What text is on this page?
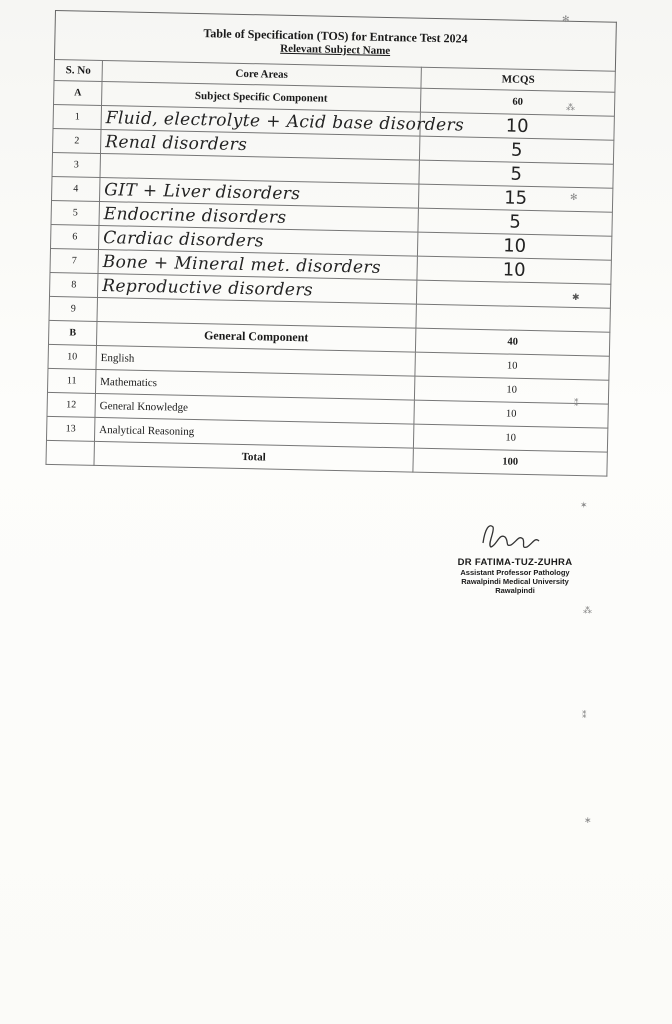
Table of Specification (TOS) for Entrance Test 2024
Relevant Subject Name
S. No	Core Areas	MCQS
A	Subject Specific Component	60
1	Fluid, electrolyte + Acid base disorders	10
2	Renal disorders	5
3		5
4	GIT + Liver disorders	15
5	Endocrine disorders	5
6	Cardiac disorders	10
7	Bone + Mineral met. disorders	10
8	Reproductive disorders	
9		
B	General Component	40
10	English	10
11	Mathematics	10
12	General Knowledge	10
13	Analytical Reasoning	10
	Total	100
DR FATIMA-TUZ-ZUHRA
Assistant Professor Pathology
Rawalpindi Medical University
Rawalpindi
✻
⁂
✻
✱
⁑
✶
⁂
⁑
∗
